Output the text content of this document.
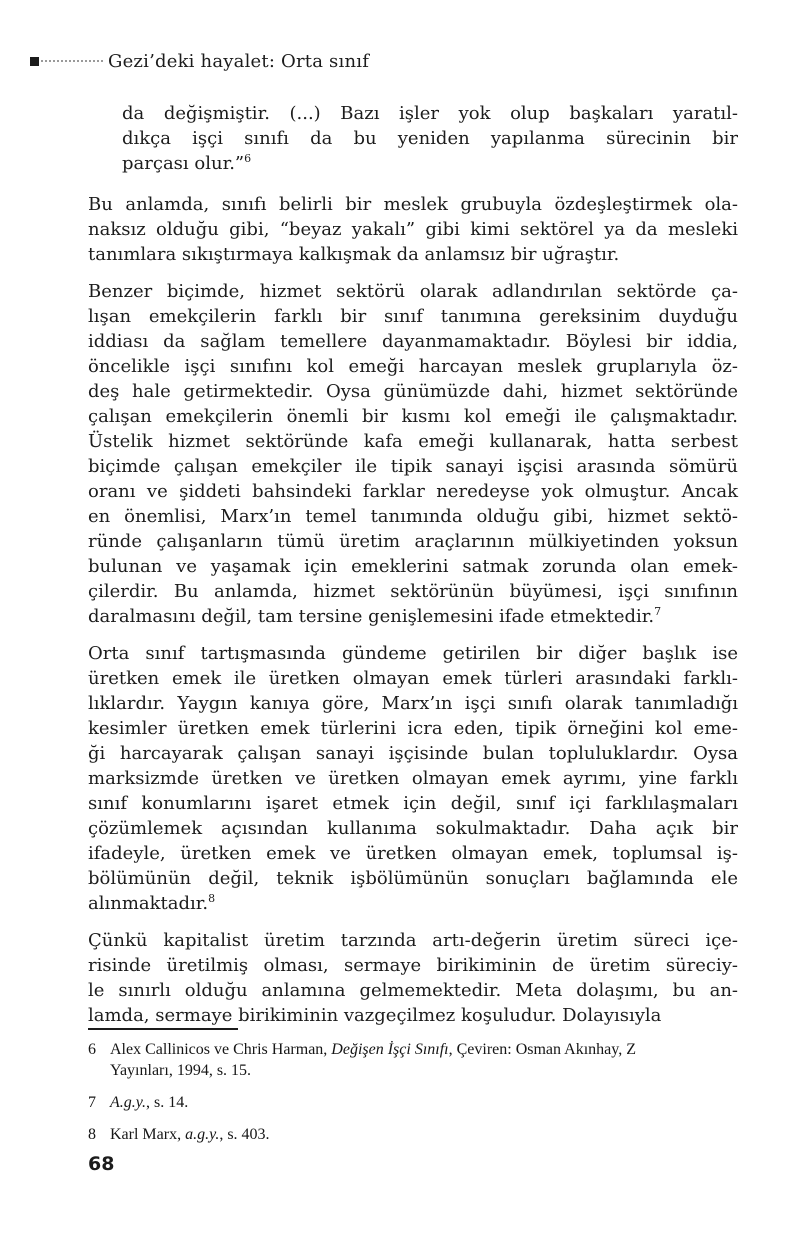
Gezi’deki hayalet: Orta sınıf
da değişmiştir. (...) Bazı işler yok olup başkaları yaratıl-
dıkça işçi sınıfı da bu yeniden yapılanma sürecinin bir
parçası olur.”$^6$
Bu anlamda, sınıfı belirli bir meslek grubuyla özdeşleştirmek ola-
naksız olduğu gibi, “beyaz yakalı” gibi kimi sektörel ya da mesleki
tanımlara sıkıştırmaya kalkışmak da anlamsız bir uğraştır.
Benzer biçimde, hizmet sektörü olarak adlandırılan sektörde ça-
lışan emekçilerin farklı bir sınıf tanımına gereksinim duyduğu
iddiası da sağlam temellere dayanmamaktadır. Böylesi bir iddia,
öncelikle işçi sınıfını kol emeği harcayan meslek gruplarıyla öz-
deş hale getirmektedir. Oysa günümüzde dahi, hizmet sektöründe
çalışan emekçilerin önemli bir kısmı kol emeği ile çalışmaktadır.
Üstelik hizmet sektöründe kafa emeği kullanarak, hatta serbest
biçimde çalışan emekçiler ile tipik sanayi işçisi arasında sömürü
oranı ve şiddeti bahsindeki farklar neredeyse yok olmuştur. Ancak
en önemlisi, Marx’ın temel tanımında olduğu gibi, hizmet sektö-
ründe çalışanların tümü üretim araçlarının mülkiyetinden yoksun
bulunan ve yaşamak için emeklerini satmak zorunda olan emek-
çilerdir. Bu anlamda, hizmet sektörünün büyümesi, işçi sınıfının
daralmasını değil, tam tersine genişlemesini ifade etmektedir.$^7$
Orta sınıf tartışmasında gündeme getirilen bir diğer başlık ise
üretken emek ile üretken olmayan emek türleri arasındaki farklı-
lıklardır. Yaygın kanıya göre, Marx’ın işçi sınıfı olarak tanımladığı
kesimler üretken emek türlerini icra eden, tipik örneğini kol eme-
ği harcayarak çalışan sanayi işçisinde bulan topluluklardır. Oysa
marksizmde üretken ve üretken olmayan emek ayrımı, yine farklı
sınıf konumlarını işaret etmek için değil, sınıf içi farklılaşmaları
çözümlemek açısından kullanıma sokulmaktadır. Daha açık bir
ifadeyle, üretken emek ve üretken olmayan emek, toplumsal iş-
bölümünün değil, teknik işbölümünün sonuçları bağlamında ele
alınmaktadır.$^8$
Çünkü kapitalist üretim tarzında artı-değerin üretim süreci içe-
risinde üretilmiş olması, sermaye birikiminin de üretim süreciy-
le sınırlı olduğu anlamına gelmemektedir. Meta dolaşımı, bu an-
lamda, sermaye birikiminin vazgeçilmez koşuludur. Dolayısıyla
6 Alex Callinicos ve Chris Harman, Değişen İşçi Sınıfı, Çeviren: Osman Akınhay, Z
Yayınları, 1994, s. 15.
7 A.g.y., s. 14.
8 Karl Marx, a.g.y., s. 403.
68
